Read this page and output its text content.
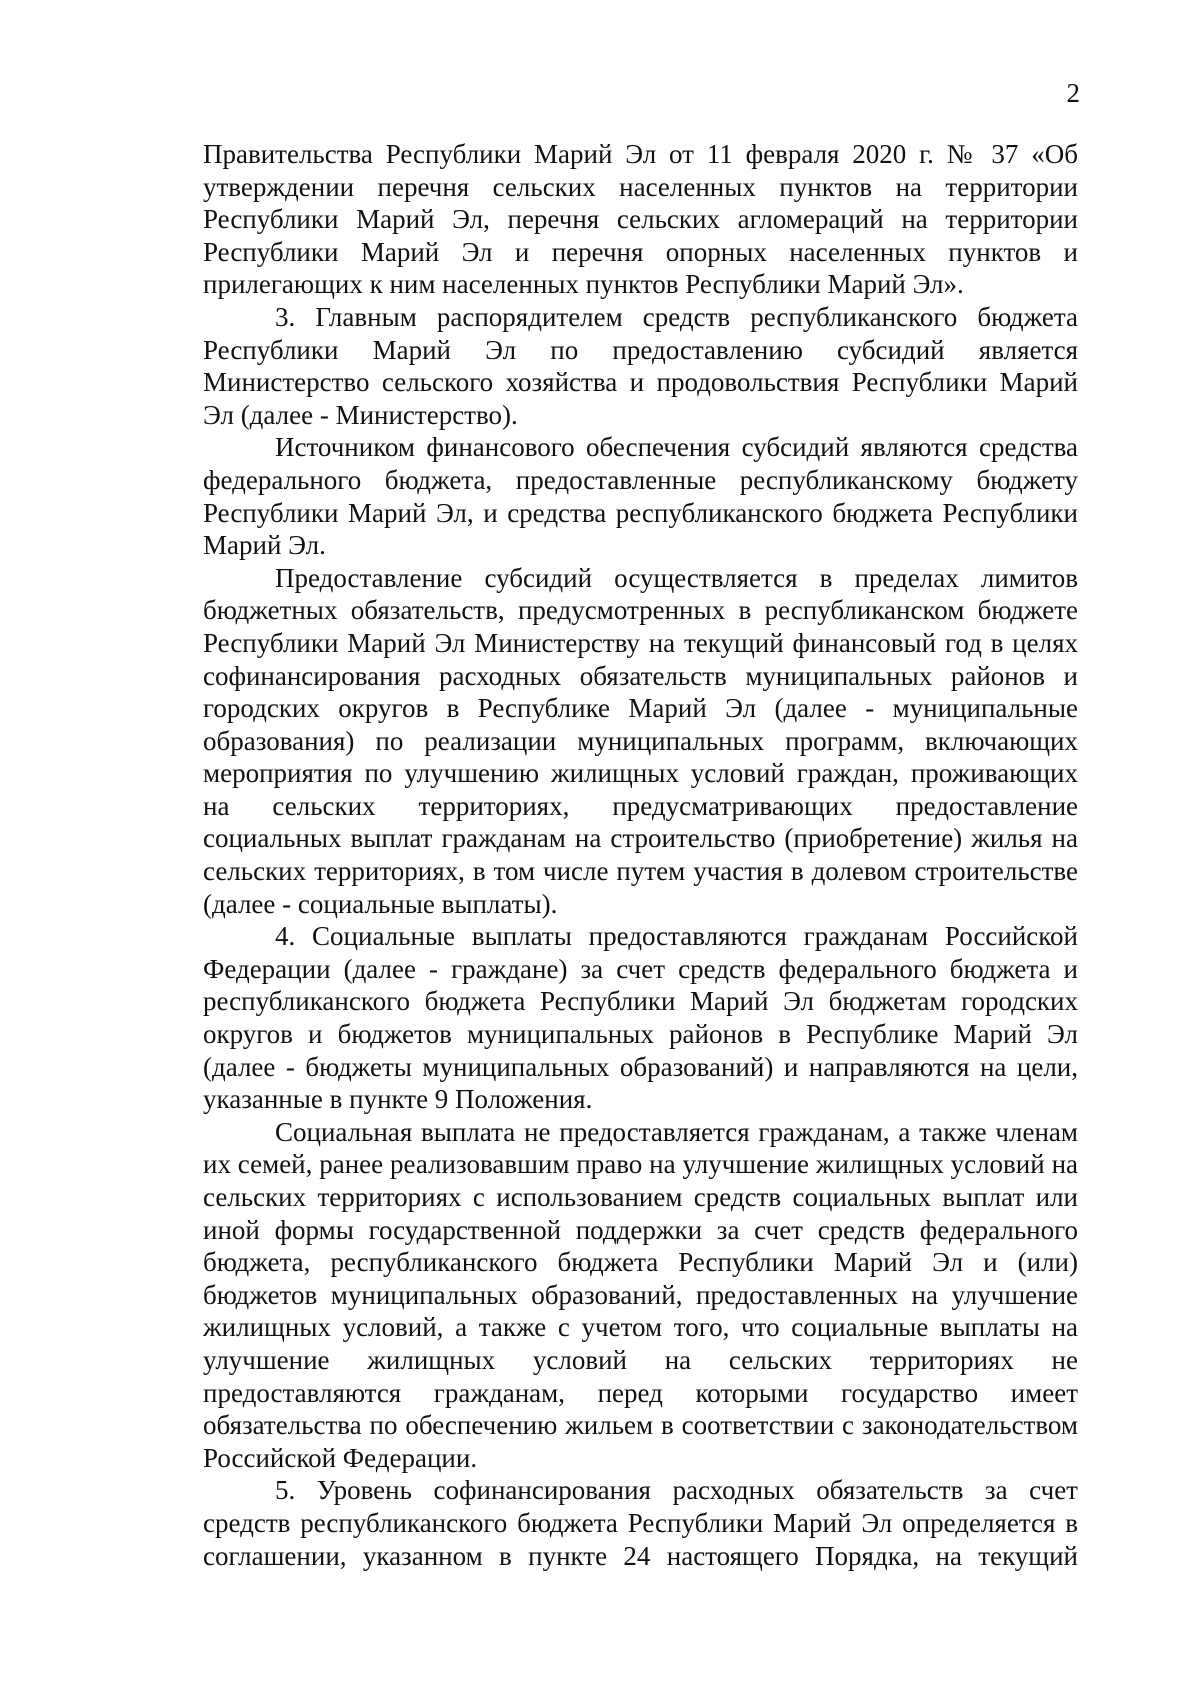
2

Правительства Республики Марий Эл от 11 февраля 2020 г. № 37 «Об утверждении перечня сельских населенных пунктов на территории Республики Марий Эл, перечня сельских агломераций на территории Республики Марий Эл и перечня опорных населенных пунктов и прилегающих к ним населенных пунктов Республики Марий Эл».

3. Главным распорядителем средств республиканского бюджета Республики Марий Эл по предоставлению субсидий является Министерство сельского хозяйства и продовольствия Республики Марий Эл (далее - Министерство).

Источником финансового обеспечения субсидий являются средства федерального бюджета, предоставленные республиканскому бюджету Республики Марий Эл, и средства республиканского бюджета Республики Марий Эл.

Предоставление субсидий осуществляется в пределах лимитов бюджетных обязательств, предусмотренных в республиканском бюджете Республики Марий Эл Министерству на текущий финансовый год в целях софинансирования расходных обязательств муниципальных районов и городских округов в Республике Марий Эл (далее - муниципальные образования) по реализации муниципальных программ, включающих мероприятия по улучшению жилищных условий граждан, проживающих на сельских территориях, предусматривающих предоставление социальных выплат гражданам на строительство (приобретение) жилья на сельских территориях, в том числе путем участия в долевом строительстве (далее - социальные выплаты).

4. Социальные выплаты предоставляются гражданам Российской Федерации (далее - граждане) за счет средств федерального бюджета и республиканского бюджета Республики Марий Эл бюджетам городских округов и бюджетов муниципальных районов в Республике Марий Эл (далее - бюджеты муниципальных образований) и направляются на цели, указанные в пункте 9 Положения.

Социальная выплата не предоставляется гражданам, а также членам их семей, ранее реализовавшим право на улучшение жилищных условий на сельских территориях с использованием средств социальных выплат или иной формы государственной поддержки за счет средств федерального бюджета, республиканского бюджета Республики Марий Эл и (или) бюджетов муниципальных образований, предоставленных на улучшение жилищных условий, а также с учетом того, что социальные выплаты на улучшение жилищных условий на сельских территориях не предоставляются гражданам, перед которыми государство имеет обязательства по обеспечению жильем в соответствии с законодательством Российской Федерации.

5. Уровень софинансирования расходных обязательств за счет средств республиканского бюджета Республики Марий Эл определяется в соглашении, указанном в пункте 24 настоящего Порядка, на текущий
